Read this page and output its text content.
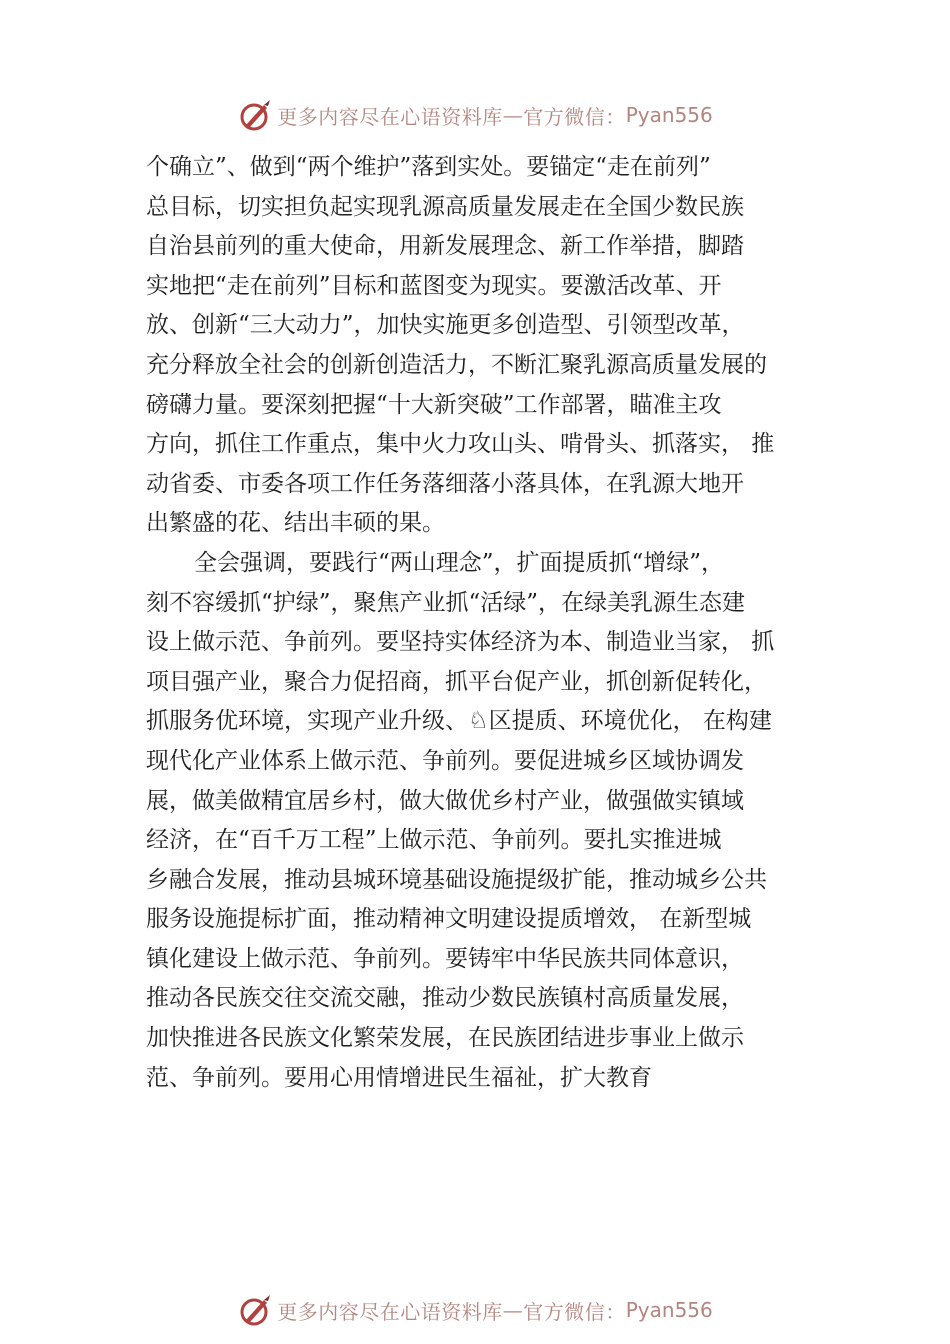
更多内容尽在心语资料库 — 官方微信： Pyan556
个确立”、做到“两个维护”落到实处。要锚定“走在前列”
总目标，切实担负起实现乳源高质量发展走在全国少数民族
自治县前列的重大使命，用新发展理念、新工作举措，脚踏
实地把“走在前列”目标和蓝图变为现实。要激活改革、开
放、创新“三大动力”，加快实施更多创造型、引领型改革，
充分释放全社会的创新创造活力，不断汇聚乳源高质量发展的
磅礴力量。要深刻把握“十大新突破”工作部署，瞄准主攻
方向，抓住工作重点，集中火力攻山头、啃骨头、抓落实， 推
动省委、市委各项工作任务落细落小落具体，在乳源大地开
出繁盛的花、结出丰硕的果。
全会强调，要践行“两山理念”，扩面提质抓“增绿”，
刻不容缓抓“护绿”，聚焦产业抓“活绿”，在绿美乳源生态建
设上做示范、争前列。要坚持实体经济为本、制造业当家， 抓
项目强产业，聚合力促招商，抓平台促产业，抓创新促转化，
抓服务优环境，实现产业升级、♘区提质、环境优化， 在构建
现代化产业体系上做示范、争前列。要促进城乡区域协调发
展，做美做精宜居乡村，做大做优乡村产业，做强做实镇域
经济，在“百千万工程”上做示范、争前列。要扎实推进城
乡融合发展，推动县城环境基础设施提级扩能，推动城乡公共
服务设施提标扩面，推动精神文明建设提质增效， 在新型城
镇化建设上做示范、争前列。要铸牢中华民族共同体意识，
推动各民族交往交流交融，推动少数民族镇村高质量发展，
加快推进各民族文化繁荣发展，在民族团结进步事业上做示
范、争前列。要用心用情增进民生福祉，扩大教育
更多内容尽在心语资料库 — 官方微信： Pyan556
